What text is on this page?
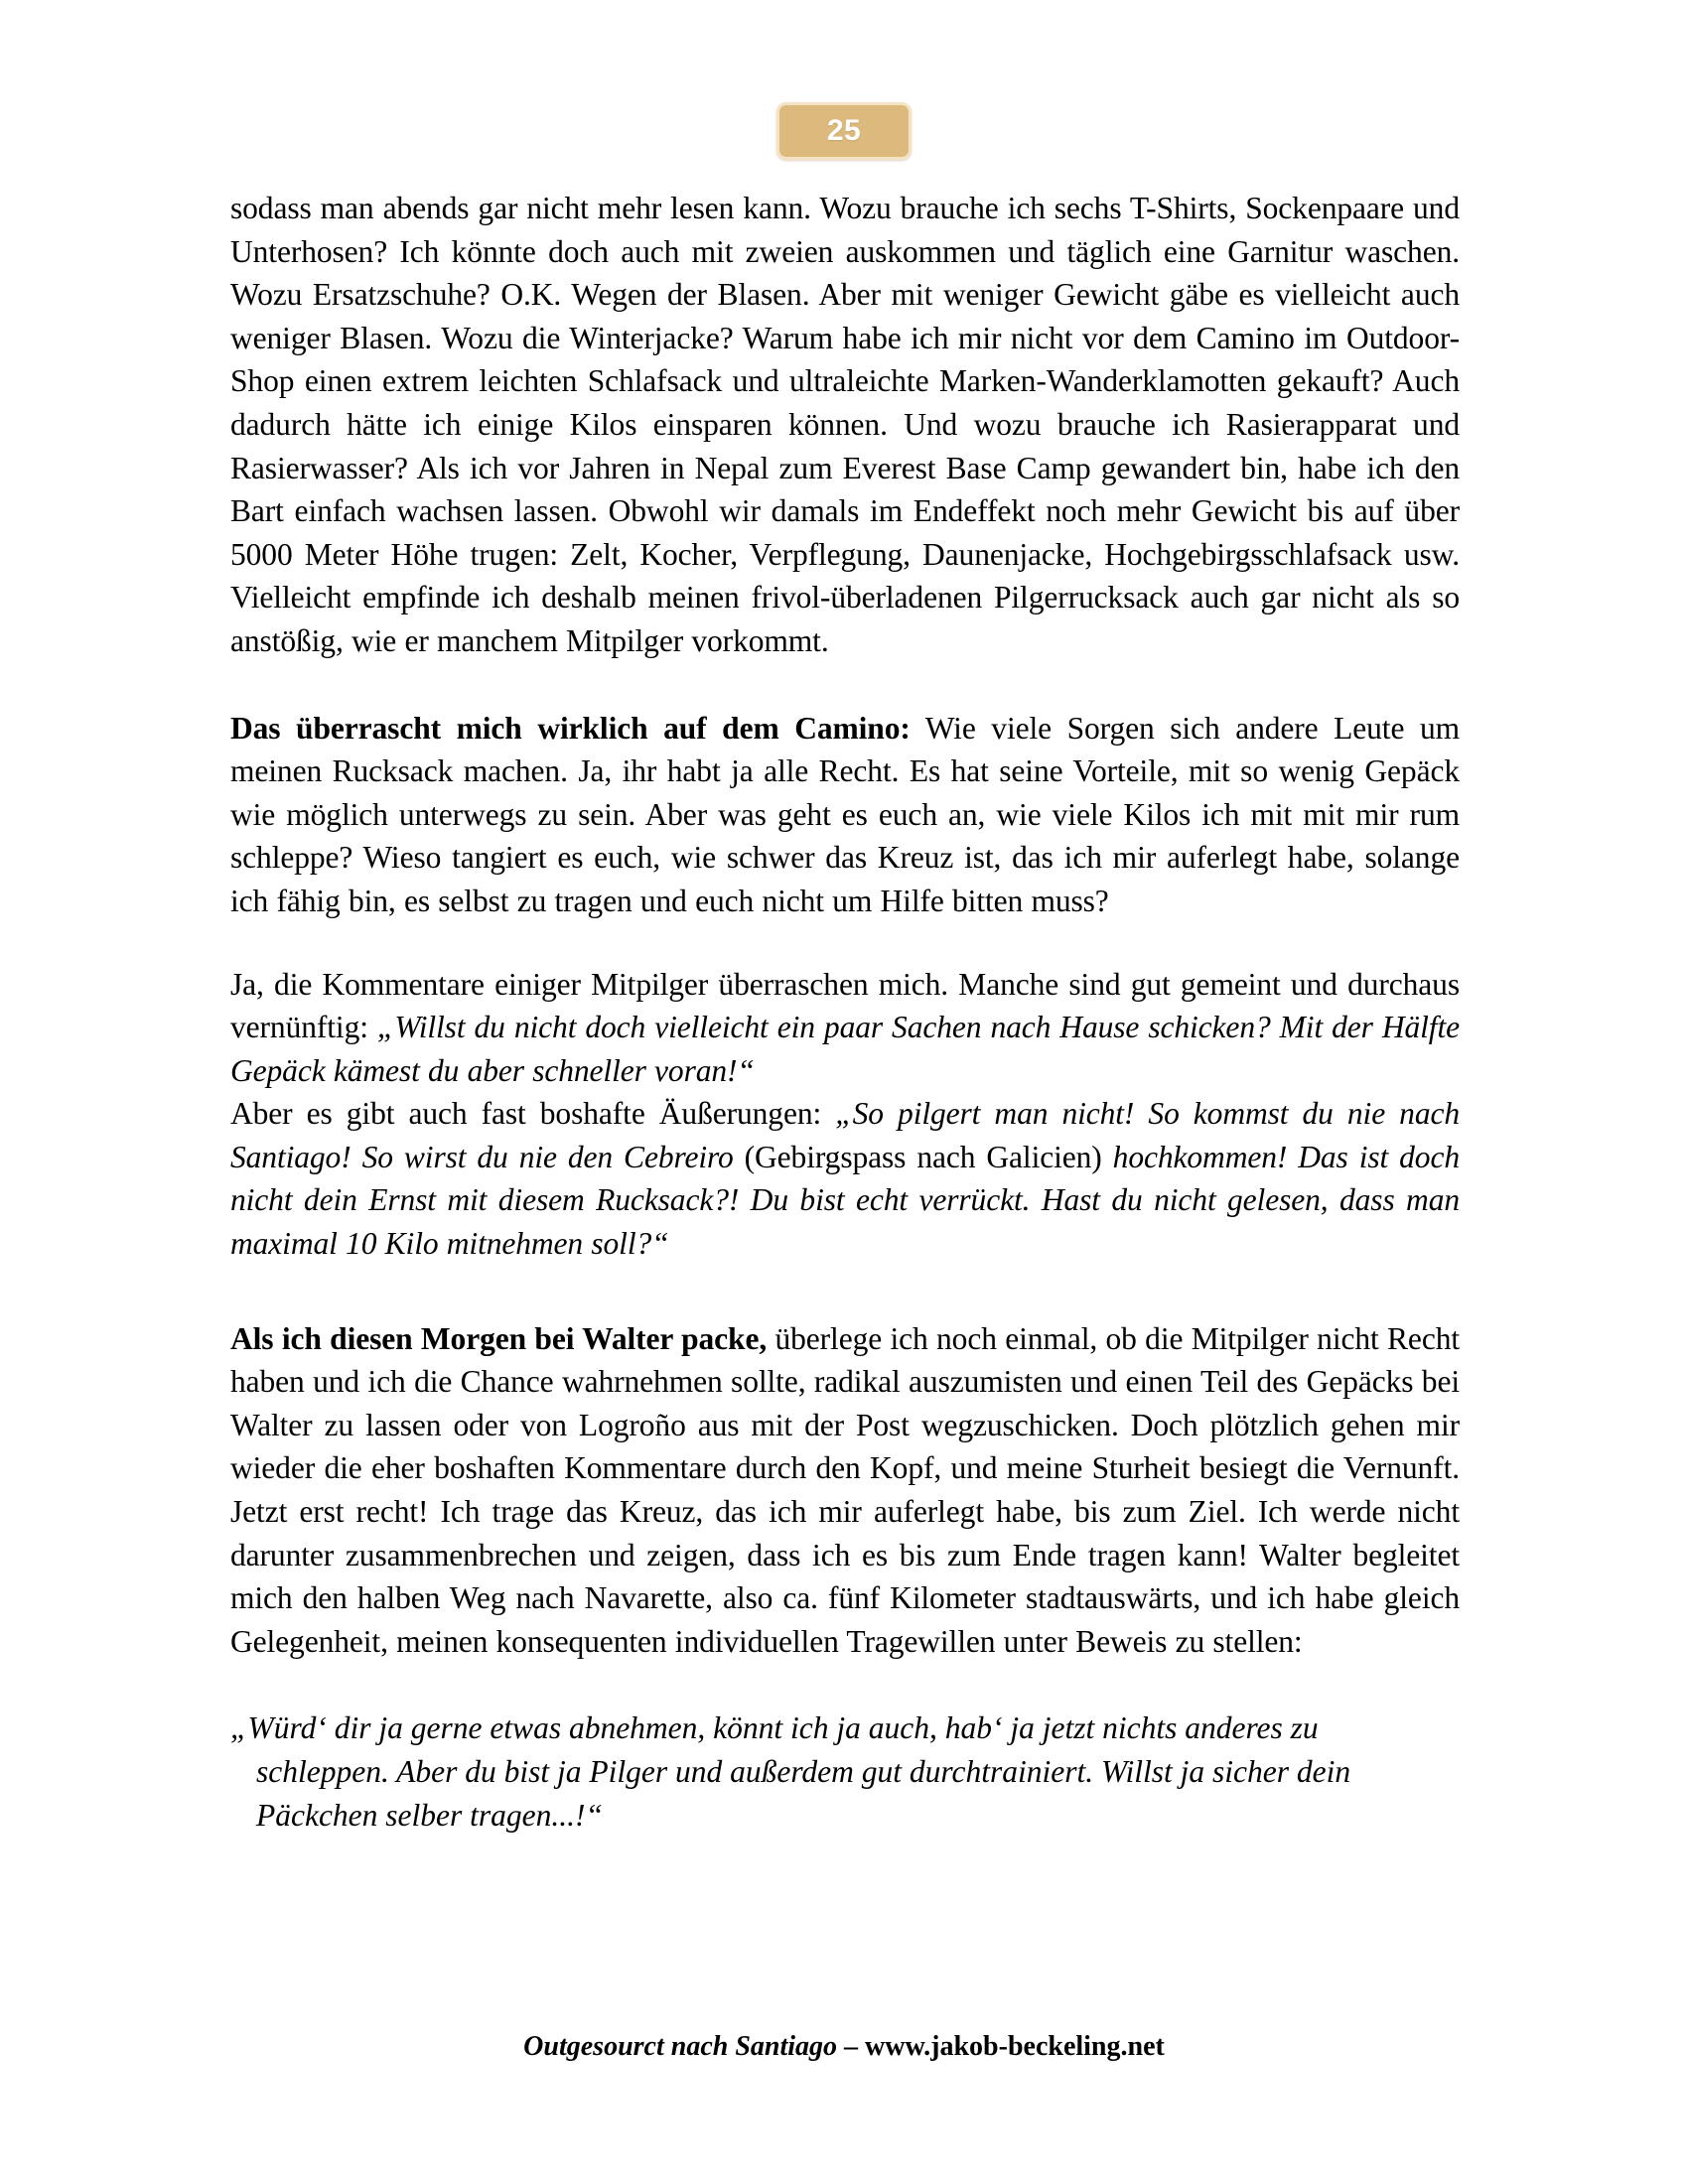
25

sodass man abends gar nicht mehr lesen kann. Wozu brauche ich sechs T-Shirts, Sockenpaare und Unterhosen? Ich könnte doch auch mit zweien auskommen und täglich eine Garnitur waschen. Wozu Ersatzschuhe? O.K. Wegen der Blasen. Aber mit weniger Gewicht gäbe es vielleicht auch weniger Blasen. Wozu die Winterjacke? Warum habe ich mir nicht vor dem Camino im Outdoor-Shop einen extrem leichten Schlafsack und ultraleichte Marken-Wanderklamotten gekauft? Auch dadurch hätte ich einige Kilos einsparen können. Und wozu brauche ich Rasierapparat und Rasierwasser? Als ich vor Jahren in Nepal zum Everest Base Camp gewandert bin, habe ich den Bart einfach wachsen lassen. Obwohl wir damals im Endeffekt noch mehr Gewicht bis auf über 5000 Meter Höhe trugen: Zelt, Kocher, Verpflegung, Daunenjacke, Hochgebirgsschlafsack usw. Vielleicht empfinde ich deshalb meinen frivol-überladenen Pilgerrucksack auch gar nicht als so anstößig, wie er manchem Mitpilger vorkommt.

Das überrascht mich wirklich auf dem Camino: Wie viele Sorgen sich andere Leute um meinen Rucksack machen. Ja, ihr habt ja alle Recht. Es hat seine Vorteile, mit so wenig Gepäck wie möglich unterwegs zu sein. Aber was geht es euch an, wie viele Kilos ich mit mit mir rum schleppe? Wieso tangiert es euch, wie schwer das Kreuz ist, das ich mir auferlegt habe, solange ich fähig bin, es selbst zu tragen und euch nicht um Hilfe bitten muss?

Ja, die Kommentare einiger Mitpilger überraschen mich. Manche sind gut gemeint und durchaus vernünftig: „Willst du nicht doch vielleicht ein paar Sachen nach Hause schicken? Mit der Hälfte Gepäck kämest du aber schneller voran!“

Aber es gibt auch fast boshafte Äußerungen: „So pilgert man nicht! So kommst du nie nach Santiago! So wirst du nie den Cebreiro (Gebirgspass nach Galicien) hochkommen! Das ist doch nicht dein Ernst mit diesem Rucksack?! Du bist echt verrückt. Hast du nicht gelesen, dass man maximal 10 Kilo mitnehmen soll?“

Als ich diesen Morgen bei Walter packe, überlege ich noch einmal, ob die Mitpilger nicht Recht haben und ich die Chance wahrnehmen sollte, radikal auszumisten und einen Teil des Gepäcks bei Walter zu lassen oder von Logroño aus mit der Post wegzuschicken. Doch plötzlich gehen mir wieder die eher boshaften Kommentare durch den Kopf, und meine Sturheit besiegt die Vernunft. Jetzt erst recht! Ich trage das Kreuz, das ich mir auferlegt habe, bis zum Ziel. Ich werde nicht darunter zusammenbrechen und zeigen, dass ich es bis zum Ende tragen kann! Walter begleitet mich den halben Weg nach Navarette, also ca. fünf Kilometer stadtauswärts, und ich habe gleich Gelegenheit, meinen konsequenten individuellen Tragewillen unter Beweis zu stellen:

„Würd‘ dir ja gerne etwas abnehmen, könnt ich ja auch, hab‘ ja jetzt nichts anderes zu
schleppen. Aber du bist ja Pilger und außerdem gut durchtrainiert. Willst ja sicher dein
Päckchen selber tragen...!“
Outgesourct nach Santiago – www.jakob-beckeling.net
